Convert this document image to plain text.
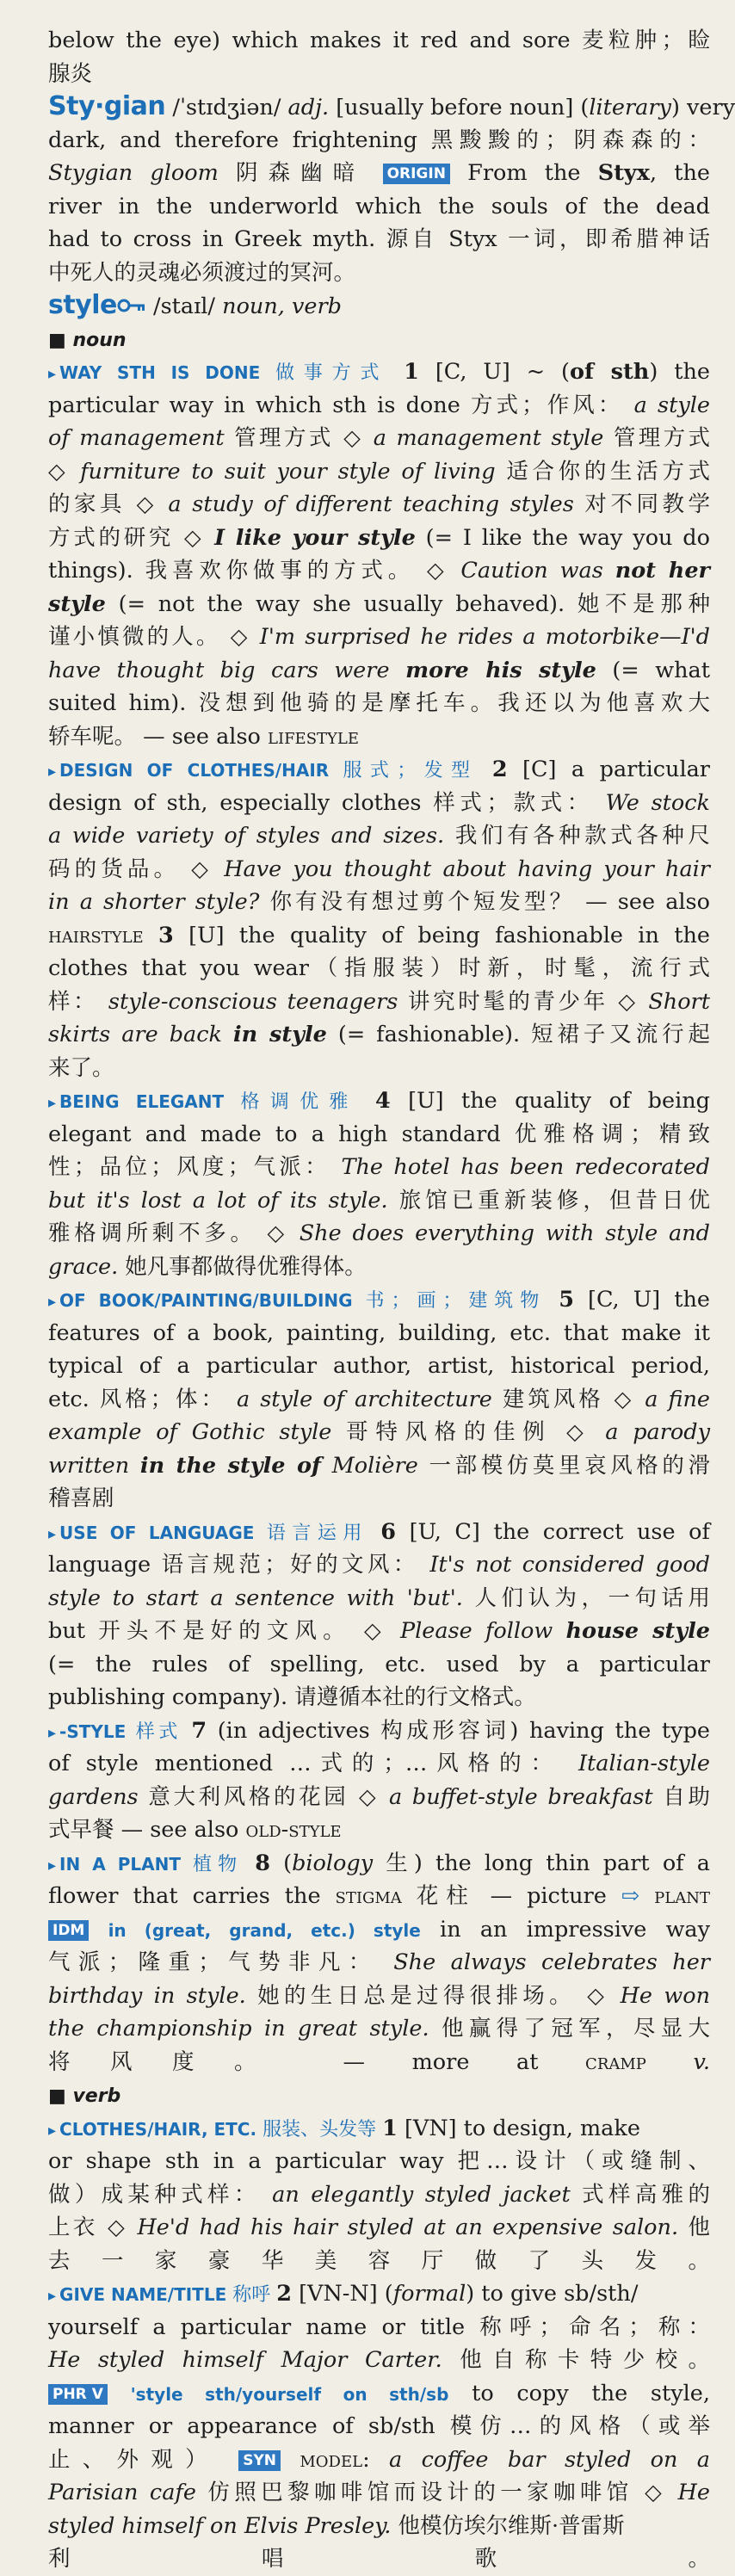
below the eye) which makes it red and sore 麦粒肿；睑
腺炎
Sty·gian /ˈstɪdʒiən/ adj. [usually before noun] (literary) very
dark, and therefore frightening 黑黢黢的；阴森森的：
Stygian gloom 阴森幽暗 ORIGIN From the Styx, the
river in the underworld which the souls of the dead
had to cross in Greek myth. 源自 Styx 一词，即希腊神话
中死人的灵魂必须渡过的冥河。
style /staɪl/ noun, verb
■ noun
▸ WAY STH IS DONE 做事方式 1 [C, U] ~ (of sth) the
particular way in which sth is done 方式；作风： a style
of management 管理方式 ◇ a management style 管理方式
◇ furniture to suit your style of living 适合你的生活方式
的家具 ◇ a study of different teaching styles 对不同教学
方式的研究 ◇ I like your style (= I like the way you do
things). 我喜欢你做事的方式。 ◇ Caution was not her
style (= not the way she usually behaved). 她不是那种
谨小慎微的人。 ◇ I'm surprised he rides a motorbike—I'd
have thought big cars were more his style (= what
suited him). 没想到他骑的是摩托车。我还以为他喜欢大
轿车呢。 — see also lifestyle
▸ DESIGN OF CLOTHES/HAIR 服式；发型 2 [C] a particular
design of sth, especially clothes 样式；款式： We stock
a wide variety of styles and sizes. 我们有各种款式各种尺
码的货品。 ◇ Have you thought about having your hair
in a shorter style? 你有没有想过剪个短发型？ — see also
hairstyle 3 [U] the quality of being fashionable in the
clothes that you wear（指服装）时新，时髦，流行式
样： style-conscious teenagers 讲究时髦的青少年 ◇ Short
skirts are back in style (= fashionable). 短裙子又流行起
来了。
▸ BEING ELEGANT 格调优雅 4 [U] the quality of being
elegant and made to a high standard 优雅格调；精致
性；品位；风度；气派： The hotel has been redecorated
but it's lost a lot of its style. 旅馆已重新装修，但昔日优
雅格调所剩不多。 ◇ She does everything with style and
grace. 她凡事都做得优雅得体。
▸ OF BOOK/PAINTING/BUILDING 书；画；建筑物 5 [C, U] the
features of a book, painting, building, etc. that make it
typical of a particular author, artist, historical period,
etc. 风格；体： a style of architecture 建筑风格 ◇ a fine
example of Gothic style 哥特风格的佳例 ◇ a parody
written in the style of Molière 一部模仿莫里哀风格的滑
稽喜剧
▸ USE OF LANGUAGE 语言运用 6 [U, C] the correct use of
language 语言规范；好的文风： It's not considered good
style to start a sentence with 'but'. 人们认为，一句话用
but 开头不是好的文风。 ◇ Please follow house style
(= the rules of spelling, etc. used by a particular
publishing company). 请遵循本社的行文格式。
▸ -STYLE 样式 7 (in adjectives 构成形容词) having the type
of style mentioned …式的；…风格的： Italian-style
gardens 意大利风格的花园 ◇ a buffet-style breakfast 自助
式早餐 — see also old-style
▸ IN A PLANT 植物 8 (biology 生) the long thin part of a
flower that carries the stigma 花柱 — picture ⇨ plant
IDM in (great, grand, etc.) style in an impressive way
气派；隆重；气势非凡： She always celebrates her
birthday in style. 她的生日总是过得很排场。 ◇ He won
the championship in great style. 他赢得了冠军，尽显大
将风度。 — more at cramp v.
■ verb
▸ CLOTHES/HAIR, ETC. 服装、头发等 1 [VN] to design, make
or shape sth in a particular way 把…设计（或缝制、
做）成某种式样： an elegantly styled jacket 式样高雅的
上衣 ◇ He'd had his hair styled at an expensive salon. 他
去一家豪华美容厅做了头发。
▸ GIVE NAME/TITLE 称呼 2 [VN-N] (formal) to give sb/sth/
yourself a particular name or title 称呼；命名；称：
He styled himself Major Carter. 他自称卡特少校。
PHR V 'style sth/yourself on sth/sb to copy the style,
manner or appearance of sb/sth 模仿…的风格（或举
止、外观） SYN model: a coffee bar styled on a
Parisian cafe 仿照巴黎咖啡馆而设计的一家咖啡馆 ◇ He
styled himself on Elvis Presley. 他模仿埃尔维斯·普雷斯
利唱歌。
